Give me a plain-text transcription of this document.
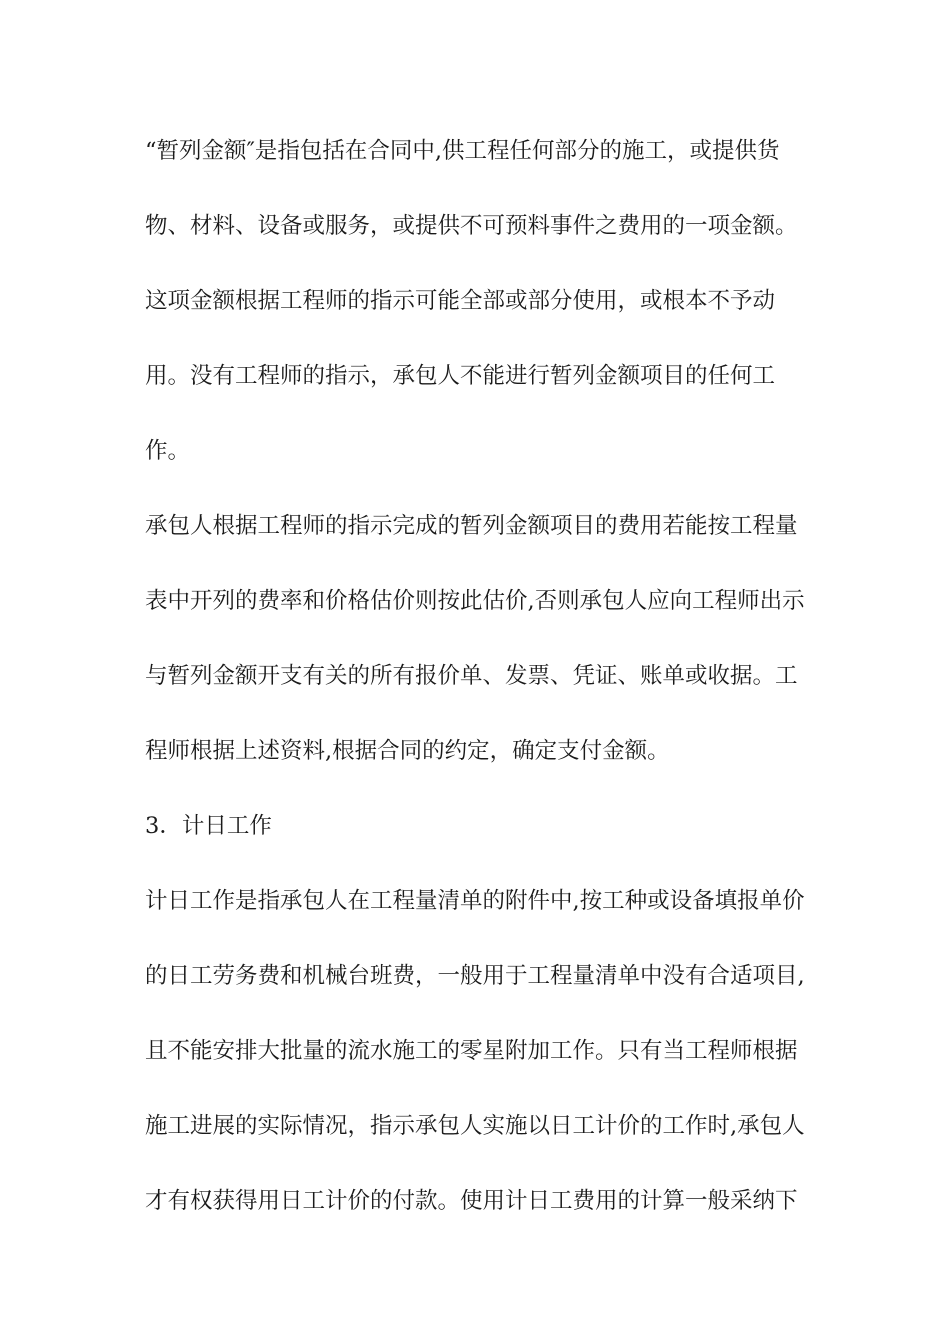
“暂列金额″是指包括在合同中,供工程任何部分的施工，或提供货
物、材料、设备或服务，或提供不可预料事件之费用的一项金额。
这项金额根据工程师的指示可能全部或部分使用，或根本不予动
用。没有工程师的指示，承包人不能进行暂列金额项目的任何工
作。
承包人根据工程师的指示完成的暂列金额项目的费用若能按工程量
表中开列的费率和价格估价则按此估价,否则承包人应向工程师出示
与暂列金额开支有关的所有报价单、发票、凭证、账单或收据。工
程师根据上述资料,根据合同的约定，确定支付金额。
3．计日工作
计日工作是指承包人在工程量清单的附件中,按工种或设备填报单价
的日工劳务费和机械台班费，一般用于工程量清单中没有合适项目,
且不能安排大批量的流水施工的零星附加工作。只有当工程师根据
施工进展的实际情况，指示承包人实施以日工计价的工作时,承包人
才有权获得用日工计价的付款。使用计日工费用的计算一般采纳下
